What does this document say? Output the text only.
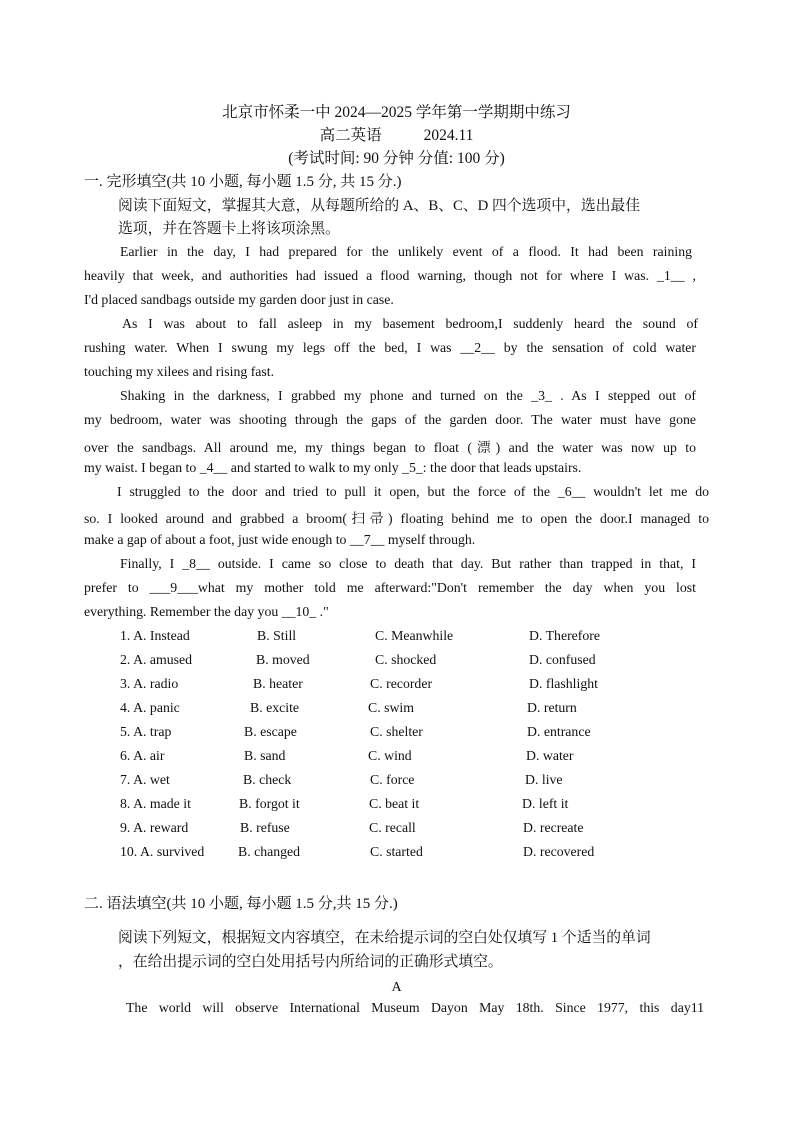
北京市怀柔一中 2024—2025 学年第一学期期中练习
高二英语	2024.11
(考试时间: 90 分钟 分值: 100 分)
一. 完形填空(共 10 小题, 每小题 1.5 分, 共 15 分.)
阅读下面短文，掌握其大意，从每题所给的 A、B、C、D 四个选项中，选出最佳
选项，并在答题卡上将该项涂黑。
Earlier in the day, I had prepared for the unlikely event of a flood. It had been raining
heavily that week, and authorities had issued a flood warning, though not for where I was. _1__ ,
I'd placed sandbags outside my garden door just in case.
As I was about to fall asleep in my basement bedroom,I suddenly heard the sound of
rushing water. When I swung my legs off the bed, I was __2__ by the sensation of cold water
touching my xilees and rising fast.
Shaking in the darkness, I grabbed my phone and turned on the _3_ . As I stepped out of
my bedroom, water was shooting through the gaps of the garden door. The water must have gone
over the sandbags. All around me, my things began to float (漂) and the water was now up to
my waist. I began to _4__ and started to walk to my only _5_: the door that leads upstairs.
I struggled to the door and tried to pull it open, but the force of the _6__ wouldn't let me do
so. I looked around and grabbed a broom(扫帚) floating behind me to open the door.I managed to
make a gap of about a foot, just wide enough to __7__ myself through.
Finally, I _8__ outside. I came so close to death that day. But rather than trapped in that, I
prefer to ___9___what my mother told me afterward:"Don't remember the day when you lost
everything. Remember the day you __10_ ."
1. A. Instead	B. Still	C. Meanwhile	D. Therefore
2. A. amused	B. moved	C. shocked	D. confused
3. A. radio	B. heater	C. recorder	D. flashlight
4. A. panic	B. excite	C. swim	D. return
5. A. trap	B. escape	C. shelter	D. entrance
6. A. air	B. sand	C. wind	D. water
7. A. wet	B. check	C. force	D. live
8. A. made it	B. forgot it	C. beat it	D. left it
9. A. reward	B. refuse	C. recall	D. recreate
10. A. survived B. changed	C. started	D. recovered
二. 语法填空(共 10 小题, 每小题 1.5 分,共 15 分.)
阅读下列短文，根据短文内容填空，在未给提示词的空白处仅填写 1 个适当的单词
，在给出提示词的空白处用括号内所给词的正确形式填空。
A
The world will observe International Museum Dayon May 18th. Since 1977, this day11
